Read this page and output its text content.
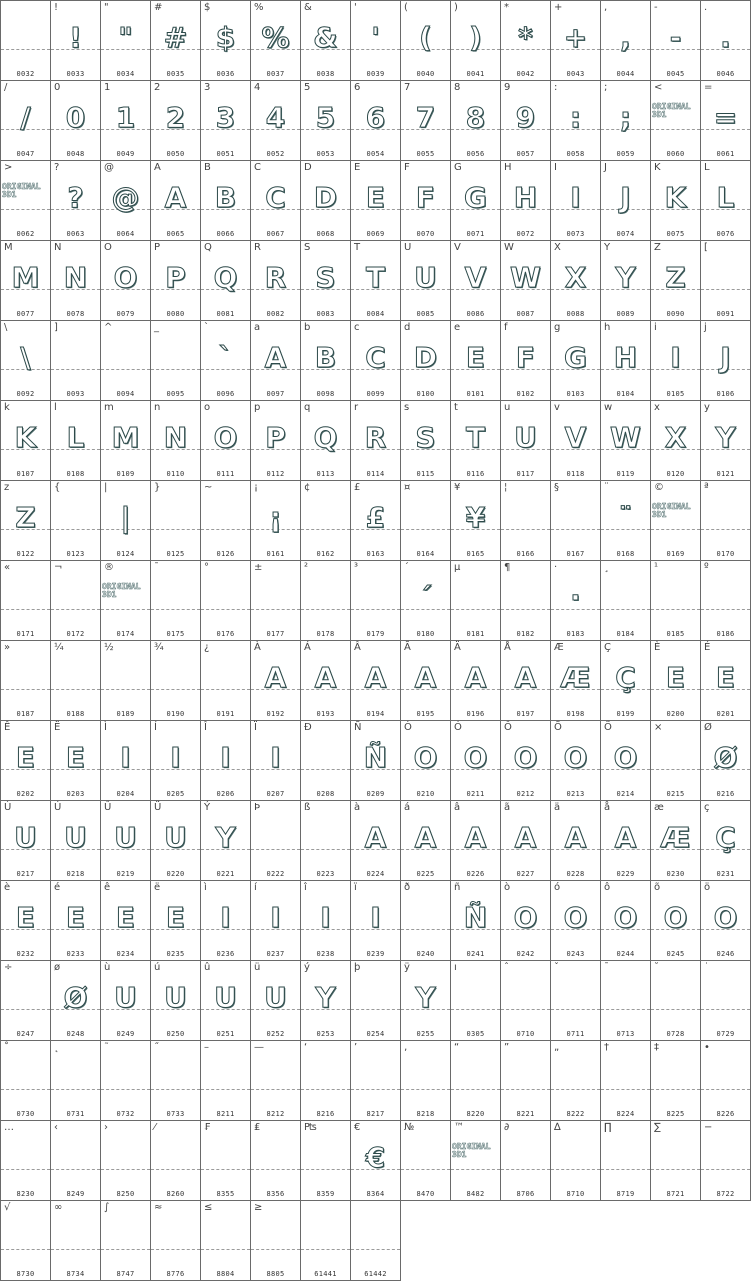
0032
!
!
0033
"
"
0034
#
#
0035
$
$
0036
%
%
0037
&
&
0038
'
'
0039
(
(
0040
)
)
0041
*
*
0042
+
+
0043
,
,
0044
-
-
0045
.
.
0046
/
/
0047
0
0
0048
1
1
0049
2
2
0050
3
3
0051
4
4
0052
5
5
0053
6
6
0054
7
7
0055
8
8
0056
9
9
0057
:
:
0058
;
;
0059
<
ORIGINAL
3D1
0060
=
=
0061
>
ORIGINAL
3D1
0062
?
?
0063
@
@
0064
A
A
0065
B
B
0066
C
C
0067
D
D
0068
E
E
0069
F
F
0070
G
G
0071
H
H
0072
I
I
0073
J
J
0074
K
K
0075
L
L
0076
M
M
0077
N
N
0078
O
O
0079
P
P
0080
Q
Q
0081
R
R
0082
S
S
0083
T
T
0084
U
U
0085
V
V
0086
W
W
0087
X
X
0088
Y
Y
0089
Z
Z
0090
[
0091
\
\
0092
]
0093
^
0094
_
0095
`
`
0096
a
A
0097
b
B
0098
c
C
0099
d
D
0100
e
E
0101
f
F
0102
g
G
0103
h
H
0104
i
I
0105
j
J
0106
k
K
0107
l
L
0108
m
M
0109
n
N
0110
o
O
0111
p
P
0112
q
Q
0113
r
R
0114
s
S
0115
t
T
0116
u
U
0117
v
V
0118
w
W
0119
x
X
0120
y
Y
0121
z
Z
0122
{
0123
|
|
0124
}
0125
~
0126
¡
¡
0161
¢
0162
£
£
0163
¤
0164
¥
¥
0165
¦
0166
§
0167
¨
¨
0168
©
ORIGINAL
3D1
0169
ª
0170
«
0171
¬
0172
®
ORIGINAL
3D1
0174
¯
0175
°
0176
±
0177
²
0178
³
0179
´
´
0180
µ
0181
¶
0182
·
·
0183
¸
0184
¹
0185
º
0186
»
0187
¼
0188
½
0189
¾
0190
¿
0191
À
A
0192
Á
A
0193
Â
A
0194
Ã
A
0195
Ä
A
0196
Å
A
0197
Æ
Æ
0198
Ç
Ç
0199
È
E
0200
É
E
0201
Ê
E
0202
Ë
E
0203
Ì
I
0204
Í
I
0205
Î
I
0206
Ï
I
0207
Ð
0208
Ñ
Ñ
0209
Ò
O
0210
Ó
O
0211
Ô
O
0212
Õ
O
0213
Ö
O
0214
×
0215
Ø
Ø
0216
Ù
U
0217
Ú
U
0218
Û
U
0219
Ü
U
0220
Ý
Y
0221
Þ
0222
ß
0223
à
A
0224
á
A
0225
â
A
0226
ã
A
0227
ä
A
0228
å
A
0229
æ
Æ
0230
ç
Ç
0231
è
E
0232
é
E
0233
ê
E
0234
ë
E
0235
ì
I
0236
í
I
0237
î
I
0238
ï
I
0239
ð
0240
ñ
Ñ
0241
ò
O
0242
ó
O
0243
ô
O
0244
õ
O
0245
ö
O
0246
÷
0247
ø
Ø
0248
ù
U
0249
ú
U
0250
û
U
0251
ü
U
0252
ý
Y
0253
þ
0254
ÿ
Y
0255
ı
0305
ˆ
0710
ˇ
0711
ˉ
0713
˘
0728
˙
0729
˚
0730
˛
0731
˜
0732
˝
0733
–
8211
—
8212
‘
8216
’
8217
‚
8218
“
8220
”
8221
„
8222
†
8224
‡
8225
•
8226
…
8230
‹
8249
›
8250
⁄
8260
₣
8355
₤
8356
₧
8359
€
€
8364
№
8470
™
ORIGINAL
3D1
8482
∂
8706
∆
8710
∏
8719
∑
8721
−
8722
√
8730
∞
8734
∫
8747
≈
8776
≤
8804
≥
8805	61441	61442
